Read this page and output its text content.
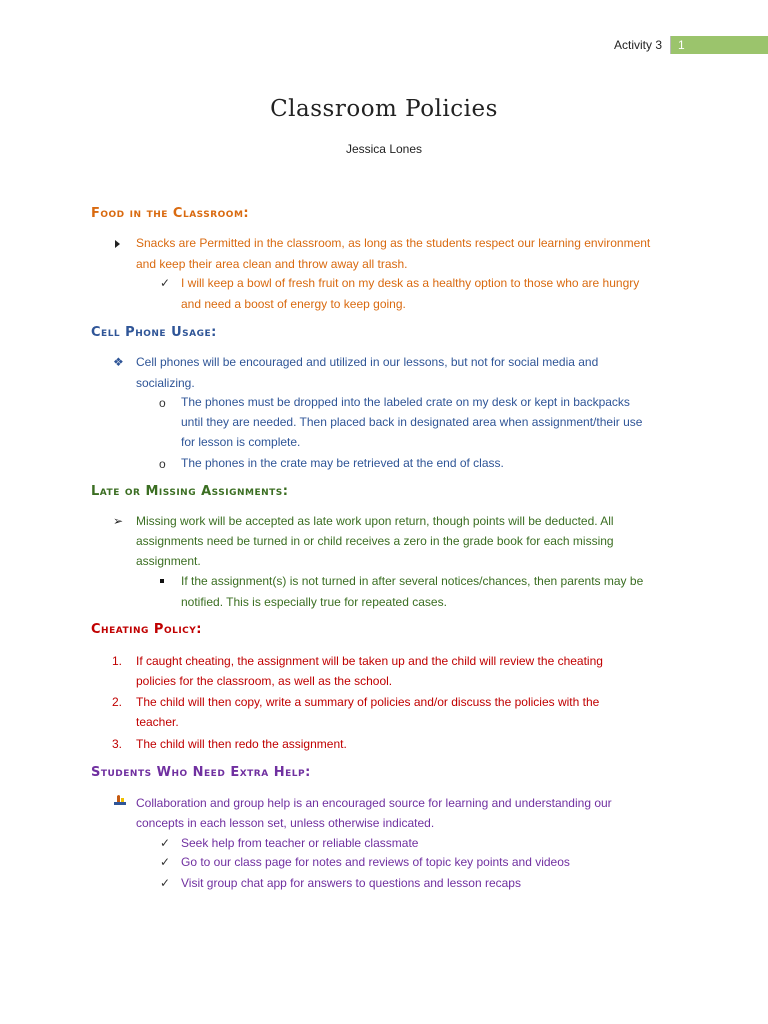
Activity 3	1
Classroom Policies
Jessica Lones
Food in the Classroom:
Snacks are Permitted in the classroom, as long as the students respect our learning environment
and keep their area clean and throw away all trash.
✓ I will keep a bowl of fresh fruit on my desk as a healthy option to those who are hungry
and need a boost of energy to keep going.
Cell Phone Usage:
❖ Cell phones will be encouraged and utilized in our lessons, but not for social media and
socializing.
o The phones must be dropped into the labeled crate on my desk or kept in backpacks
until they are needed. Then placed back in designated area when assignment/their use
for lesson is complete.
o The phones in the crate may be retrieved at the end of class.
Late or Missing Assignments:
➢ Missing work will be accepted as late work upon return, though points will be deducted. All
assignments need be turned in or child receives a zero in the grade book for each missing
assignment.
If the assignment(s) is not turned in after several notices/chances, then parents may be
notified. This is especially true for repeated cases.
Cheating Policy:
1. If caught cheating, the assignment will be taken up and the child will review the cheating
policies for the classroom, as well as the school.
2. The child will then copy, write a summary of policies and/or discuss the policies with the
teacher.
3. The child will then redo the assignment.
Students Who Need Extra Help:
Collaboration and group help is an encouraged source for learning and understanding our
concepts in each lesson set, unless otherwise indicated.
✓ Seek help from teacher or reliable classmate
✓ Go to our class page for notes and reviews of topic key points and videos
✓ Visit group chat app for answers to questions and lesson recaps
